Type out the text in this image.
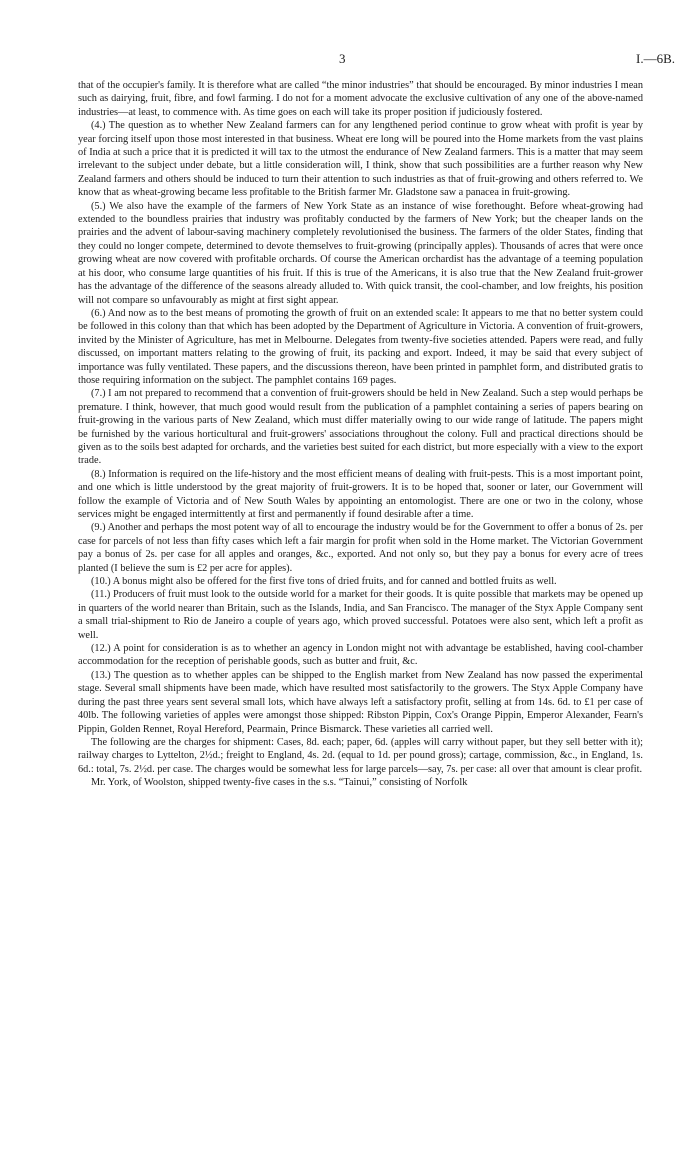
3	I.—6B.

that of the occupier's family. It is therefore what are called “the minor industries” that should be encouraged. By minor industries I mean such as dairying, fruit, fibre, and fowl farming. I do not for a moment advocate the exclusive cultivation of any one of the above-named industries—at least, to commence with. As time goes on each will take its proper position if judiciously fostered.

(4.) The question as to whether New Zealand farmers can for any lengthened period continue to grow wheat with profit is year by year forcing itself upon those most interested in that business. Wheat ere long will be poured into the Home markets from the vast plains of India at such a price that it is predicted it will tax to the utmost the endurance of New Zealand farmers. This is a matter that may seem irrelevant to the subject under debate, but a little consideration will, I think, show that such possibilities are a further reason why New Zealand farmers and others should be induced to turn their attention to such industries as that of fruit-growing and others referred to. We know that as wheat-growing became less profitable to the British farmer Mr. Gladstone saw a panacea in fruit-growing.

(5.) We also have the example of the farmers of New York State as an instance of wise forethought. Before wheat-growing had extended to the boundless prairies that industry was profitably conducted by the farmers of New York; but the cheaper lands on the prairies and the advent of labour-saving machinery completely revolutionised the business. The farmers of the older States, finding that they could no longer compete, determined to devote themselves to fruit-growing (principally apples). Thousands of acres that were once growing wheat are now covered with profitable orchards. Of course the American orchardist has the advantage of a teeming population at his door, who consume large quantities of his fruit. If this is true of the Americans, it is also true that the New Zealand fruit-grower has the advantage of the difference of the seasons already alluded to. With quick transit, the cool-chamber, and low freights, his position will not compare so unfavourably as might at first sight appear.

(6.) And now as to the best means of promoting the growth of fruit on an extended scale: It appears to me that no better system could be followed in this colony than that which has been adopted by the Department of Agriculture in Victoria. A convention of fruit-growers, invited by the Minister of Agriculture, has met in Melbourne. Delegates from twenty-five societies attended. Papers were read, and fully discussed, on important matters relating to the growing of fruit, its packing and export. Indeed, it may be said that every subject of importance was fully ventilated. These papers, and the discussions thereon, have been printed in pamphlet form, and distributed gratis to those requiring information on the subject. The pamphlet contains 169 pages.

(7.) I am not prepared to recommend that a convention of fruit-growers should be held in New Zealand. Such a step would perhaps be premature. I think, however, that much good would result from the publication of a pamphlet containing a series of papers bearing on fruit-growing in the various parts of New Zealand, which must differ materially owing to our wide range of latitude. The papers might be furnished by the various horticultural and fruit-growers' associations throughout the colony. Full and practical directions should be given as to the soils best adapted for orchards, and the varieties best suited for each district, but more especially with a view to the export trade.

(8.) Information is required on the life-history and the most efficient means of dealing with fruit-pests. This is a most important point, and one which is little understood by the great majority of fruit-growers. It is to be hoped that, sooner or later, our Government will follow the example of Victoria and of New South Wales by appointing an entomologist. There are one or two in the colony, whose services might be engaged intermittently at first and permanently if found desirable after a time.

(9.) Another and perhaps the most potent way of all to encourage the industry would be for the Government to offer a bonus of 2s. per case for parcels of not less than fifty cases which left a fair margin for profit when sold in the Home market. The Victorian Government pay a bonus of 2s. per case for all apples and oranges, &c., exported. And not only so, but they pay a bonus for every acre of trees planted (I believe the sum is £2 per acre for apples).

(10.) A bonus might also be offered for the first five tons of dried fruits, and for canned and bottled fruits as well.

(11.) Producers of fruit must look to the outside world for a market for their goods. It is quite possible that markets may be opened up in quarters of the world nearer than Britain, such as the Islands, India, and San Francisco. The manager of the Styx Apple Company sent a small trial-shipment to Rio de Janeiro a couple of years ago, which proved successful. Potatoes were also sent, which left a profit as well.

(12.) A point for consideration is as to whether an agency in London might not with advantage be established, having cool-chamber accommodation for the reception of perishable goods, such as butter and fruit, &c.

(13.) The question as to whether apples can be shipped to the English market from New Zealand has now passed the experimental stage. Several small shipments have been made, which have resulted most satisfactorily to the growers. The Styx Apple Company have during the past three years sent several small lots, which have always left a satisfactory profit, selling at from 14s. 6d. to £1 per case of 40lb. The following varieties of apples were amongst those shipped: Ribston Pippin, Cox's Orange Pippin, Emperor Alexander, Fearn's Pippin, Golden Rennet, Royal Hereford, Pearmain, Prince Bismarck. These varieties all carried well.

The following are the charges for shipment: Cases, 8d. each; paper, 6d. (apples will carry without paper, but they sell better with it); railway charges to Lyttelton, 2½d.; freight to England, 4s. 2d. (equal to 1d. per pound gross); cartage, commission, &c., in England, 1s. 6d.: total, 7s. 2½d. per case. The charges would be somewhat less for large parcels—say, 7s. per case: all over that amount is clear profit.

Mr. York, of Woolston, shipped twenty-five cases in the s.s. “Tainui,” consisting of Norfolk
